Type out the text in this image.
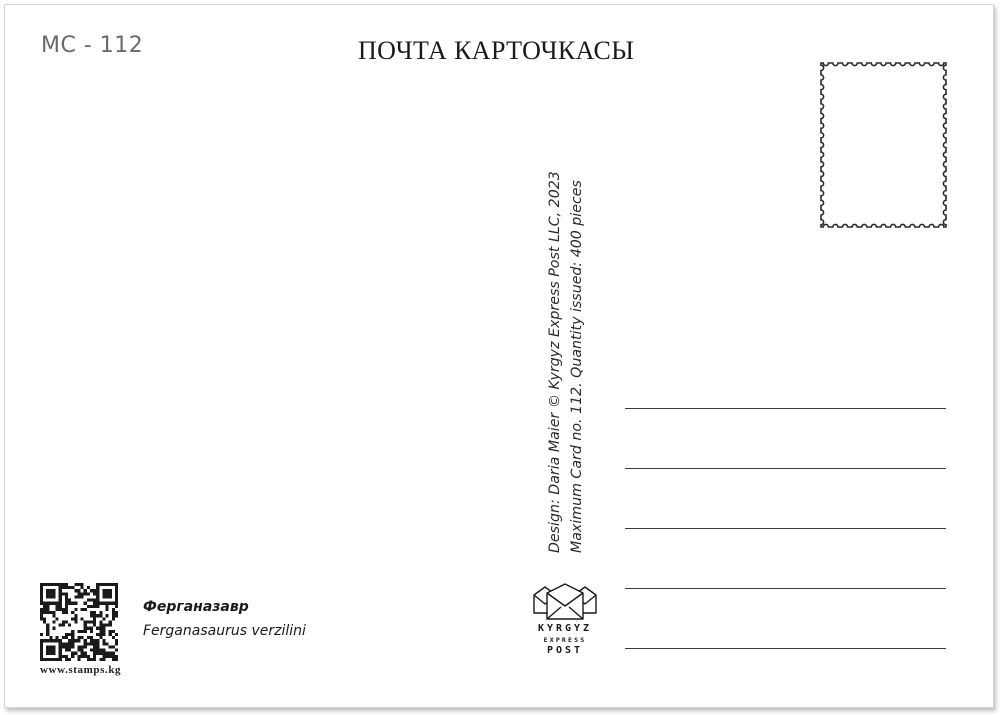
MC - 112	ПОЧТА КАРТОЧКАСЫ
Design: Daria Maier © Kyrgyz Express Post LLC, 2023 Maximum Card no. 112. Quantity issued: 400 pieces
www.stamps.kg
Ферганазавр
Ferganasaurus verzilini	KYRGYZ
EXPRESS
POST
